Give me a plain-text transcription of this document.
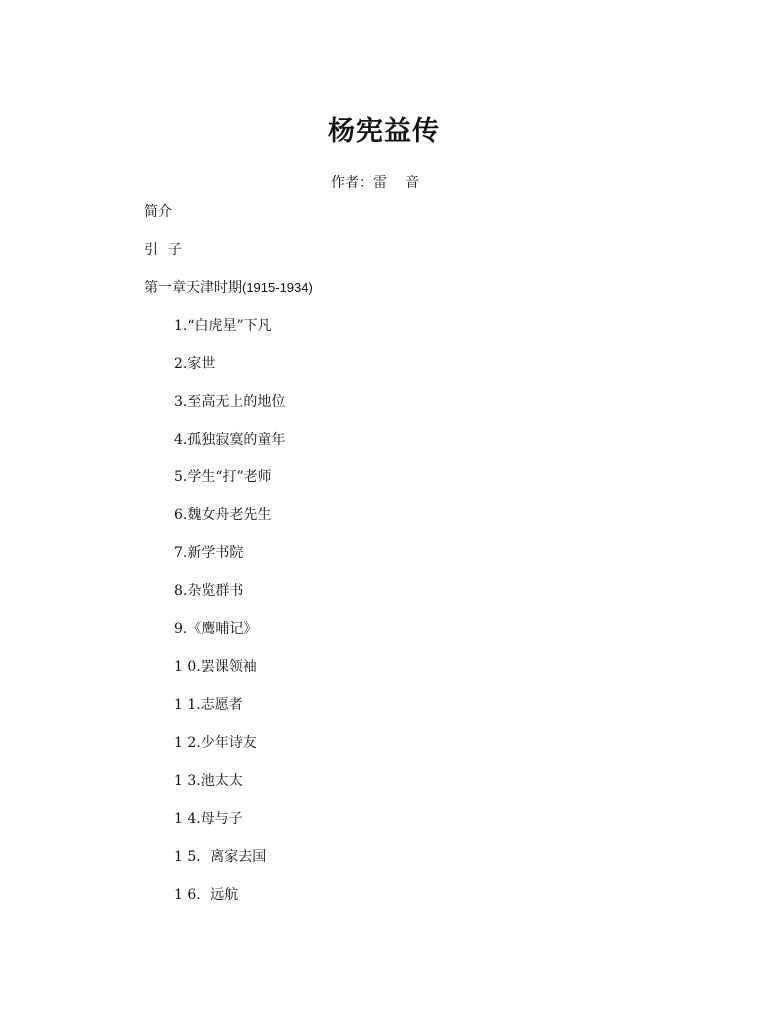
杨宪益传
作者：雷音
简介
引子
第一章天津时期(1915-1934)
1.“白虎星”下凡
2.家世
3.至高无上的地位
4.孤独寂寞的童年
5.学生“打”老师
6.魏女舟老先生
7.新学书院
8.杂览群书
9.《鹰哺记》
1 0.罢课领袖
1 1.志愿者
1 2.少年诗友
1 3.池太太
1 4.母与子
1 5．离家去国
1 6．远航
